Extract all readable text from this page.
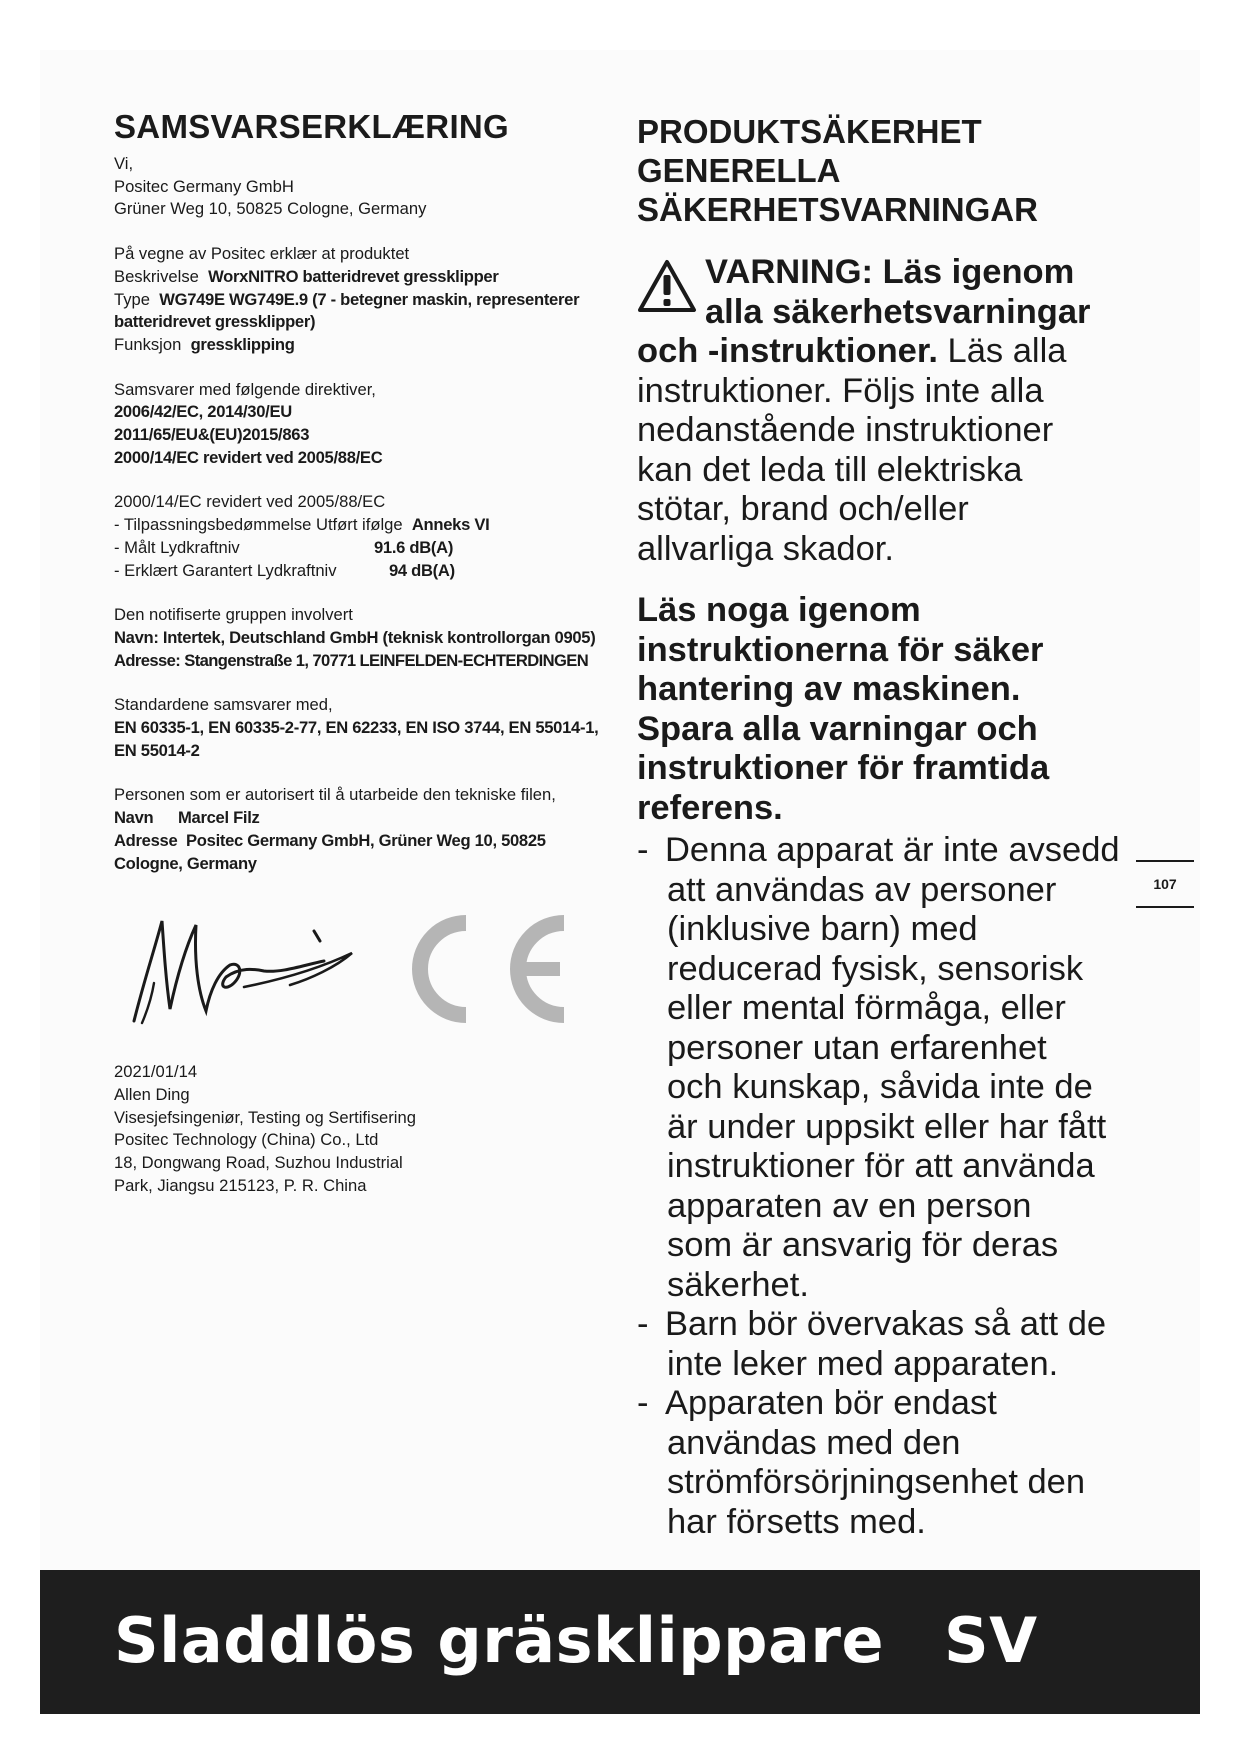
SAMSVARSERKLÆRING

Vi,
Positec Germany GmbH
Grüner Weg 10, 50825 Cologne, Germany

På vegne av Positec erklær at produktet
Beskrivelse WorxNITRO batteridrevet gressklipper
Type WG749E WG749E.9 (7 - betegner maskin, representerer batteridrevet gressklipper)
Funksjon gressklipping

Samsvarer med følgende direktiver,
2006/42/EC, 2014/30/EU
2011/65/EU&(EU)2015/863
2000/14/EC revidert ved 2005/88/EC

2000/14/EC revidert ved 2005/88/EC
- Tilpassningsbedømmelse Utført ifølge Anneks VI
- Målt Lydkraftniv	91.6 dB(A)
- Erklært Garantert Lydkraftniv	94 dB(A)

Den notifiserte gruppen involvert
Navn: Intertek, Deutschland GmbH (teknisk kontrollorgan 0905)
Adresse: Stangenstraße 1, 70771 LEINFELDEN-ECHTERDINGEN

Standardene samsvarer med,
EN 60335-1, EN 60335-2-77, EN 62233, EN ISO 3744, EN 55014-1, EN 55014-2

Personen som er autorisert til å utarbeide den tekniske filen,
Navn Marcel Filz
Adresse Positec Germany GmbH, Grüner Weg 10, 50825 Cologne, Germany

2021/01/14
Allen Ding
Visesjefsingeniør, Testing og Sertifisering
Positec Technology (China) Co., Ltd
18, Dongwang Road, Suzhou Industrial
Park, Jiangsu 215123, P. R. China

PRODUKTSÄKERHET
GENERELLA
SÄKERHETSVARNINGAR
VARNING: Läs igenom
alla säkerhetsvarningar
och -instruktioner. Läs alla
instruktioner. Följs inte alla
nedanstående instruktioner
kan det leda till elektriska
stötar, brand och/eller
allvarliga skador.
Läs noga igenom
instruktionerna för säker
hantering av maskinen.
Spara alla varningar och
instruktioner för framtida
referens.
- Denna apparat är inte avsedd
att användas av personer
(inklusive barn) med
reducerad fysisk, sensorisk
eller mental förmåga, eller
personer utan erfarenhet
och kunskap, såvida inte de
är under uppsikt eller har fått
instruktioner för att använda
apparaten av en person
som är ansvarig för deras
säkerhet.
- Barn bör övervakas så att de
inte leker med apparaten.
- Apparaten bör endast
användas med den
strömförsörjningsenhet den
har försetts med.
107
Sladdlös gräsklippare SV
